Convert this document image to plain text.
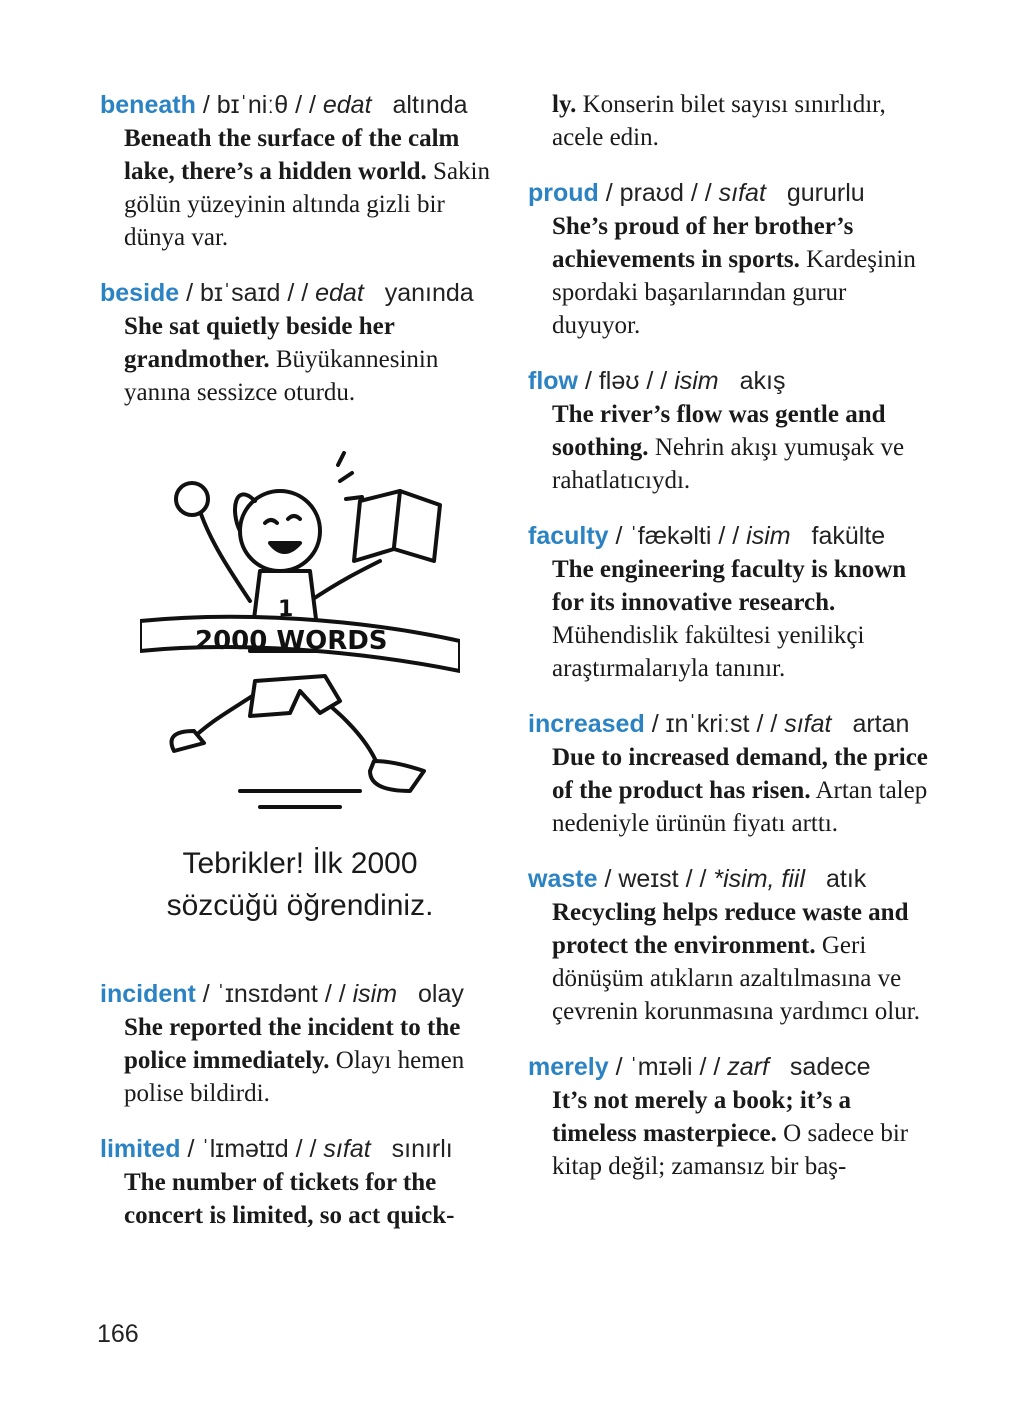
beneath / bɪˈniːθ / / edat altında
Beneath the surface of the calm lake, there’s a hidden world. Sakin gölün yüzeyinin altında gizli bir dünya var.
beside / bɪˈsaɪd / / edat yanında
She sat quietly beside her grandmother. Büyükannesinin yanına sessizce oturdu.
2000 WORDS
1
Tebrikler! İlk 2000
sözcüğü öğrendiniz.
incident / ˈɪnsɪdənt / / isim olay
She reported the incident to the police immediately. Olayı hemen polise bildirdi.
limited / ˈlɪmətɪd / / sıfat sınırlı
The number of tickets for the concert is limited, so act quick-
ly. Konserin bilet sayısı sınırlıdır, acele edin.
proud / praʊd / / sıfat gururlu
She’s proud of her brother’s achievements in sports. Kardeşinin spordaki başarılarından gurur duyuyor.
flow / fləʊ / / isim akış
The river’s flow was gentle and soothing. Nehrin akışı yumuşak ve rahatlatıcıydı.
faculty / ˈfækəlti / / isim fakülte
The engineering faculty is known for its innovative research. Mühendislik fakültesi yenilikçi araştırmalarıyla tanınır.
increased / ɪnˈkriːst / / sıfat artan
Due to increased demand, the price of the product has risen. Artan talep nedeniyle ürünün fiyatı arttı.
waste / weɪst / / *isim, fiil atık
Recycling helps reduce waste and protect the environment. Geri dönüşüm atıkların azaltılmasına ve çevrenin korunmasına yardımcı olur.
merely / ˈmɪəli / / zarf sadece
It’s not merely a book; it’s a timeless masterpiece. O sadece bir kitap değil; zamansız bir baş-
166
